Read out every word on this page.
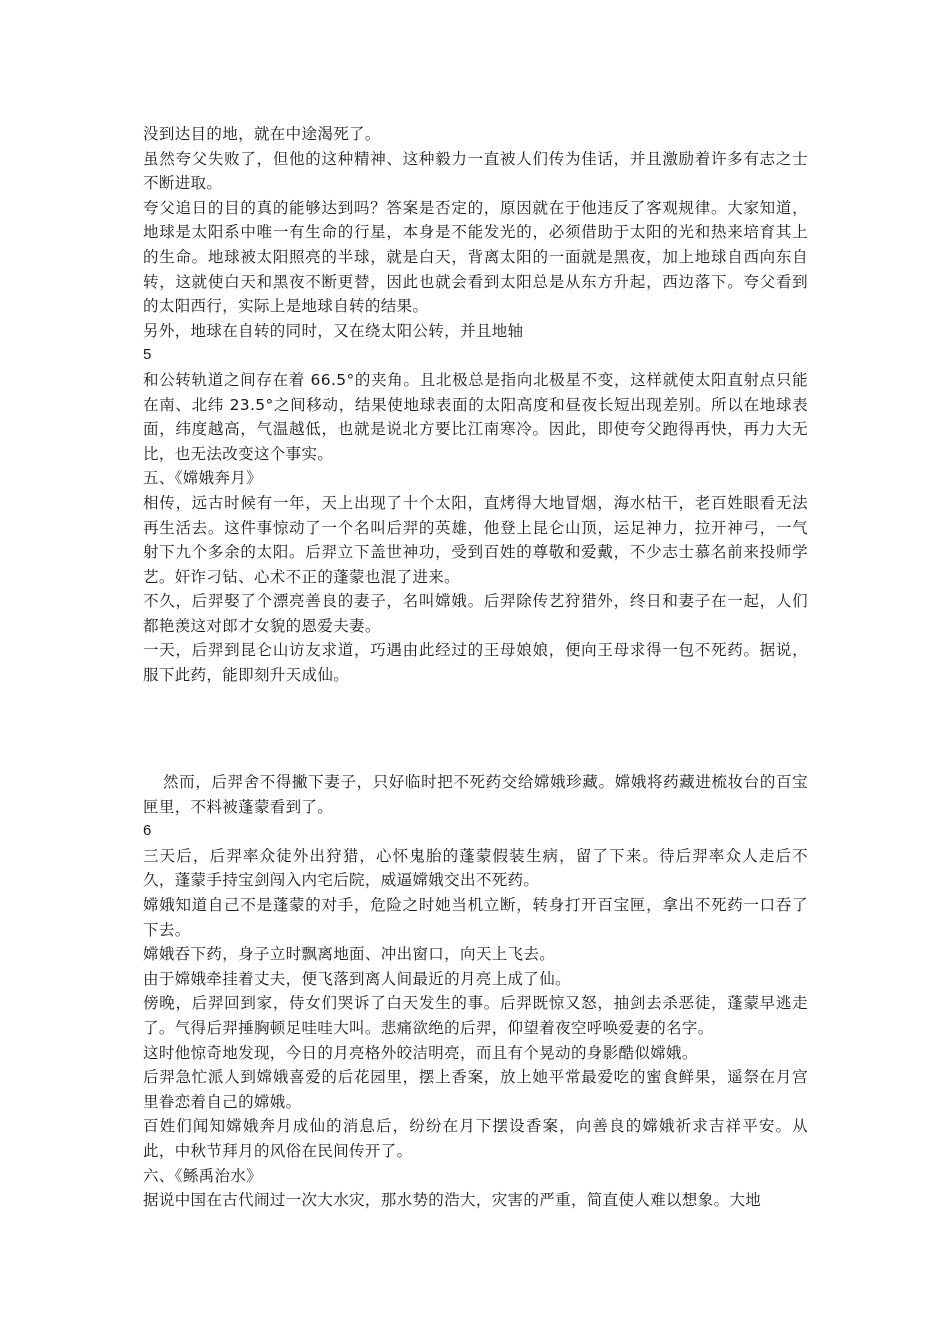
没到达目的地，就在中途渴死了。

虽然夸父失败了，但他的这种精神、这种毅力一直被人们传为佳话，并且激励着许多有志之士不断进取。

夸父追日的目的真的能够达到吗？答案是否定的，原因就在于他违反了客观规律。大家知道，地球是太阳系中唯一有生命的行星，本身是不能发光的，必须借助于太阳的光和热来培育其上的生命。地球被太阳照亮的半球，就是白天，背离太阳的一面就是黑夜，加上地球自西向东自转，这就使白天和黑夜不断更替，因此也就会看到太阳总是从东方升起，西边落下。夸父看到的太阳西行，实际上是地球自转的结果。

另外，地球在自转的同时，又在绕太阳公转，并且地轴

5

和公转轨道之间存在着 66.5°的夹角。且北极总是指向北极星不变，这样就使太阳直射点只能在南、北纬 23.5°之间移动，结果使地球表面的太阳高度和昼夜长短出现差别。所以在地球表面，纬度越高，气温越低，也就是说北方要比江南寒冷。因此，即使夸父跑得再快，再力大无比，也无法改变这个事实。

五、《嫦娥奔月》

相传，远古时候有一年，天上出现了十个太阳，直烤得大地冒烟，海水枯干，老百姓眼看无法再生活去。这件事惊动了一个名叫后羿的英雄，他登上昆仑山顶，运足神力，拉开神弓，一气射下九个多余的太阳。后羿立下盖世神功，受到百姓的尊敬和爱戴，不少志士慕名前来投师学艺。奸诈刁钻、心术不正的蓬蒙也混了进来。

不久，后羿娶了个漂亮善良的妻子，名叫嫦娥。后羿除传艺狩猎外，终日和妻子在一起，人们都艳羡这对郎才女貌的恩爱夫妻。

一天，后羿到昆仑山访友求道，巧遇由此经过的王母娘娘，便向王母求得一包不死药。据说，服下此药，能即刻升天成仙。

然而，后羿舍不得撇下妻子，只好临时把不死药交给嫦娥珍藏。嫦娥将药藏进梳妆台的百宝匣里，不料被蓬蒙看到了。

6

三天后，后羿率众徒外出狩猎，心怀鬼胎的蓬蒙假装生病，留了下来。待后羿率众人走后不久，蓬蒙手持宝剑闯入内宅后院，威逼嫦娥交出不死药。

嫦娥知道自己不是蓬蒙的对手，危险之时她当机立断，转身打开百宝匣，拿出不死药一口吞了下去。

嫦娥吞下药，身子立时飘离地面、冲出窗口，向天上飞去。

由于嫦娥牵挂着丈夫，便飞落到离人间最近的月亮上成了仙。

傍晚，后羿回到家，侍女们哭诉了白天发生的事。后羿既惊又怒，抽剑去杀恶徒，蓬蒙早逃走了。气得后羿捶胸顿足哇哇大叫。悲痛欲绝的后羿，仰望着夜空呼唤爱妻的名字。

这时他惊奇地发现，今日的月亮格外皎洁明亮，而且有个晃动的身影酷似嫦娥。

后羿急忙派人到嫦娥喜爱的后花园里，摆上香案，放上她平常最爱吃的蜜食鲜果，遥祭在月宫里眷恋着自己的嫦娥。

百姓们闻知嫦娥奔月成仙的消息后，纷纷在月下摆设香案，向善良的嫦娥祈求吉祥平安。从此，中秋节拜月的风俗在民间传开了。

六、《鲧禹治水》

据说中国在古代闹过一次大水灾，那水势的浩大，灾害的严重，简直使人难以想象。大地
